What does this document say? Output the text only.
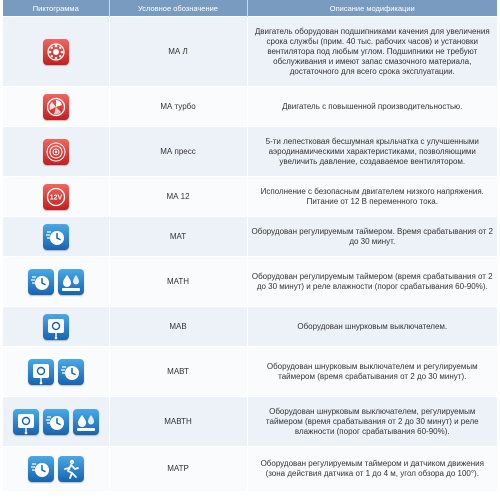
Пиктограмма	Условное обозначение	Описание модификации

	МА Л	Двигатель оборудован подшипниками качения для увеличения срока службы (прим. 40 тыс. рабочих часов) и установки вентилятора под любым углом. Подшипники не требуют обслуживания и имеют запас смазочного материала, достаточного для всего срока эксплуатации.

	МА турбо	Двигатель с повышенной производительностью.

	МА пресс	5-ти лепестковая бесшумная крыльчатка с улучшенными аэродинамическими характеристиками, позволяющими увеличить давление, создаваемое вентилятором.

12V	МА 12	Исполнение с безопасным двигателем низкого напряжения. Питание от 12 В переменного тока.

	МАТ	Оборудован регулируемым таймером. Время срабатывания от 2 до 30 минут.

	МАТН	Оборудован регулируемым таймером (время срабатывания от 2 до 30 минут) и реле влажности (порог срабатывания 60-90%).

	МАВ	Оборудован шнурковым выключателем.

	МАВТ	Оборудован шнурковым выключателем и регулируемым таймером (время срабатывания от 2 до 30 минут).

	МАВТН	Оборудован шнурковым выключателем, регулируемым таймером (время срабатывания от 2 до 30 минут) и реле влажности (порог срабатывания 60-90%).

	МАТР	Оборудован регулируемым таймером и датчиком движения (зона действия датчика от 1 до 4 м, угол обзора до 100°).
